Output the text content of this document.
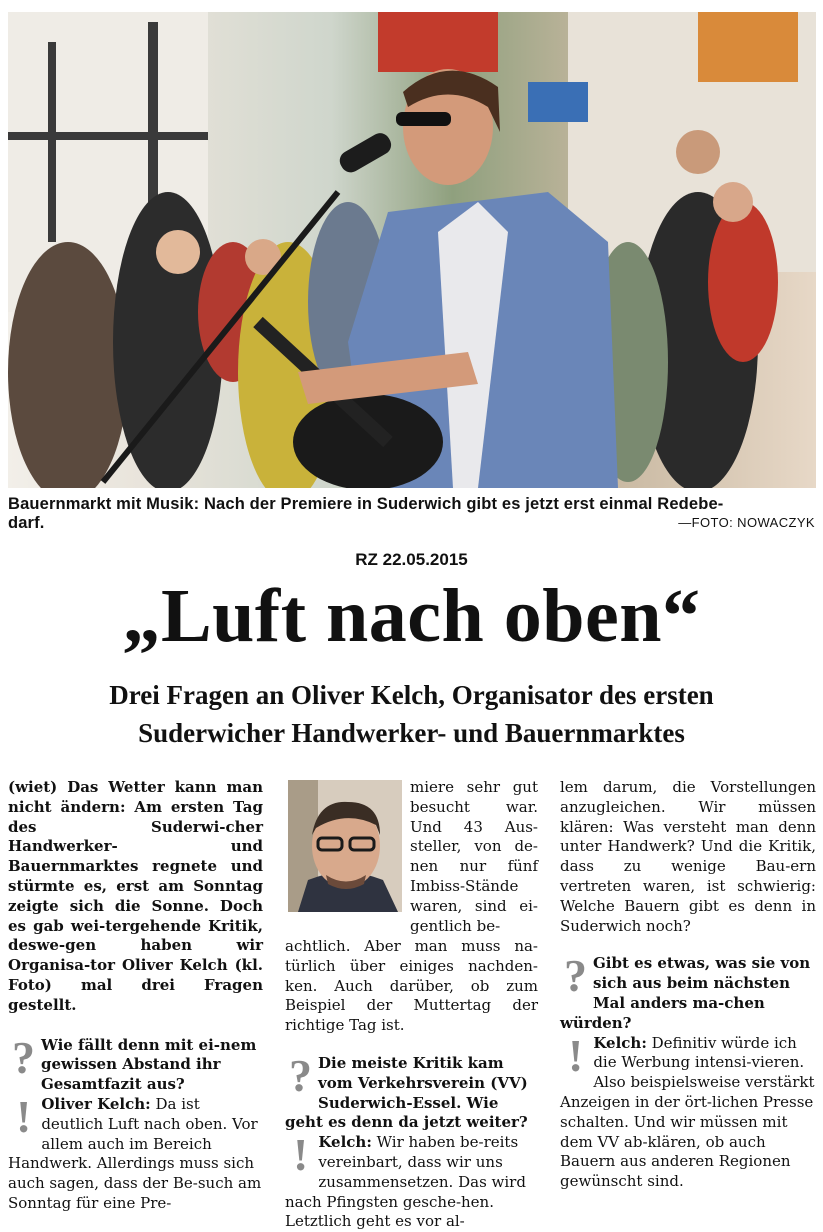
Bauernmarkt mit Musik: Nach der Premiere in Suderwich gibt es jetzt erst einmal Redebe-
darf.	—FOTO: NOWACZYK
RZ 22.05.2015
„Luft nach oben“
Drei Fragen an Oliver Kelch, Organisator des ersten
Suderwicher Handwerker- und Bauernmarktes

(wiet) Das Wetter kann man nicht ändern: Am ersten Tag des Suderwi-cher Handwerker- und Bauernmarktes regnete und stürmte es, erst am Sonntag zeigte sich die Sonne. Doch es gab wei-tergehende Kritik, deswe-gen haben wir Organisa-tor Oliver Kelch (kl. Foto) mal drei Fragen gestellt.

? Wie fällt denn mit ei-nem gewissen Abstand ihr Gesamtfazit aus?
! Oliver Kelch: Da ist deutlich Luft nach oben. Vor allem auch im Bereich Handwerk. Allerdings muss sich auch sagen, dass der Be-such am Sonntag für eine Pre-

miere sehr gut besucht war. Und 43 Aus-steller, von de-nen nur fünf Imbiss-Stände waren, sind ei-gentlich be-

achtlich. Aber man muss na-türlich über einiges nachden-ken. Auch darüber, ob zum Beispiel der Muttertag der richtige Tag ist.

? Die meiste Kritik kam vom Verkehrsverein (VV) Suderwich-Essel. Wie geht es denn da jetzt weiter?
! Kelch: Wir haben be-reits vereinbart, dass wir uns zusammensetzen. Das wird nach Pfingsten gesche-hen. Letztlich geht es vor al-

lem darum, die Vorstellungen anzugleichen. Wir müssen klären: Was versteht man denn unter Handwerk? Und die Kritik, dass zu wenige Bau-ern vertreten waren, ist schwierig: Welche Bauern gibt es denn in Suderwich noch?

? Gibt es etwas, was sie von sich aus beim nächsten Mal anders ma-chen würden?
! Kelch: Definitiv würde ich die Werbung intensi-vieren. Also beispielsweise verstärkt Anzeigen in der ört-lichen Presse schalten. Und wir müssen mit dem VV ab-klären, ob auch Bauern aus anderen Regionen gewünscht sind.
